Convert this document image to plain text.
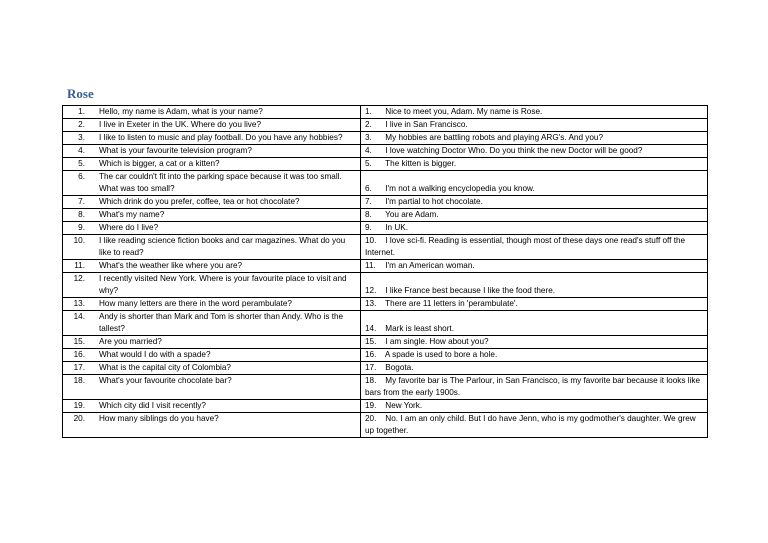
Rose
1. Hello, my name is Adam, what is your name?	1. Nice to meet you, Adam. My name is Rose.

2. I live in Exeter in the UK. Where do you live?	2. I live in San Francisco.

3. I like to listen to music and play football. Do you have any hobbies?	3. My hobbies are battling robots and playing ARG's. And you?

4. What is your favourite television program?	4. I love watching Doctor Who. Do you think the new Doctor will be good?

5. Which is bigger, a cat or a kitten?	5. The kitten is bigger.

6. The car couldn't fit into the parking space because it was too small. What was too small?	6. I'm not a walking encyclopedia you know.

7. Which drink do you prefer, coffee, tea or hot chocolate?	7. I'm partial to hot chocolate.

8. What's my name?	8. You are Adam.

9. Where do I live?	9. In UK.

10. I like reading science fiction books and car magazines. What do you like to read?	10. I love sci-fi. Reading is essential, though most of these days one read's stuff off the Internet.

11. What's the weather like where you are?	11. I'm an American woman.

12. I recently visited New York. Where is your favourite place to visit and why?	12. I like France best because I like the food there.

13. How many letters are there in the word perambulate?	13. There are 11 letters in 'perambulate'.

14. Andy is shorter than Mark and Tom is shorter than Andy. Who is the tallest?	14. Mark is least short.

15. Are you married?	15. I am single. How about you?

16. What would I do with a spade?	16. A spade is used to bore a hole.

17. What is the capital city of Colombia?	17. Bogota.

18. What's your favourite chocolate bar?	18. My favorite bar is The Parlour, in San Francisco, is my favorite bar because it looks like bars from the early 1900s.

19. Which city did I visit recently?	19. New York.

20. How many siblings do you have?	20. No. I am an only child. But I do have Jenn, who is my godmother's daughter. We grew up together.
